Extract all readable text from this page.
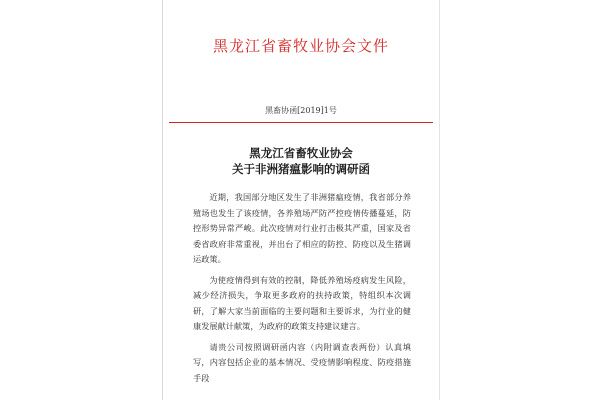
黑龙江省畜牧业协会文件
黑畜协函[2019]1号
黑龙江省畜牧业协会
关于非洲猪瘟影响的调研函

近期，我国部分地区发生了非洲猪瘟疫情，我省部分养殖场也发生了该疫情，各养殖场严防严控疫情传播蔓延，防控形势异常严峻。此次疫情对行业打击极其严重，国家及省委省政府非常重视，并出台了相应的防控、防疫以及生猪调运政策。

为使疫情得到有效的控制，降低养殖场疫病发生风险，减少经济损失，争取更多政府的扶持政策，特组织本次调研，了解大家当前面临的主要问题和主要诉求，为行业的健康发展献计献策，为政府的政策支持建议建言。

请贵公司按照调研函内容（内附调查表两份）认真填写，内容包括企业的基本情况、受疫情影响程度、防疫措施手段
